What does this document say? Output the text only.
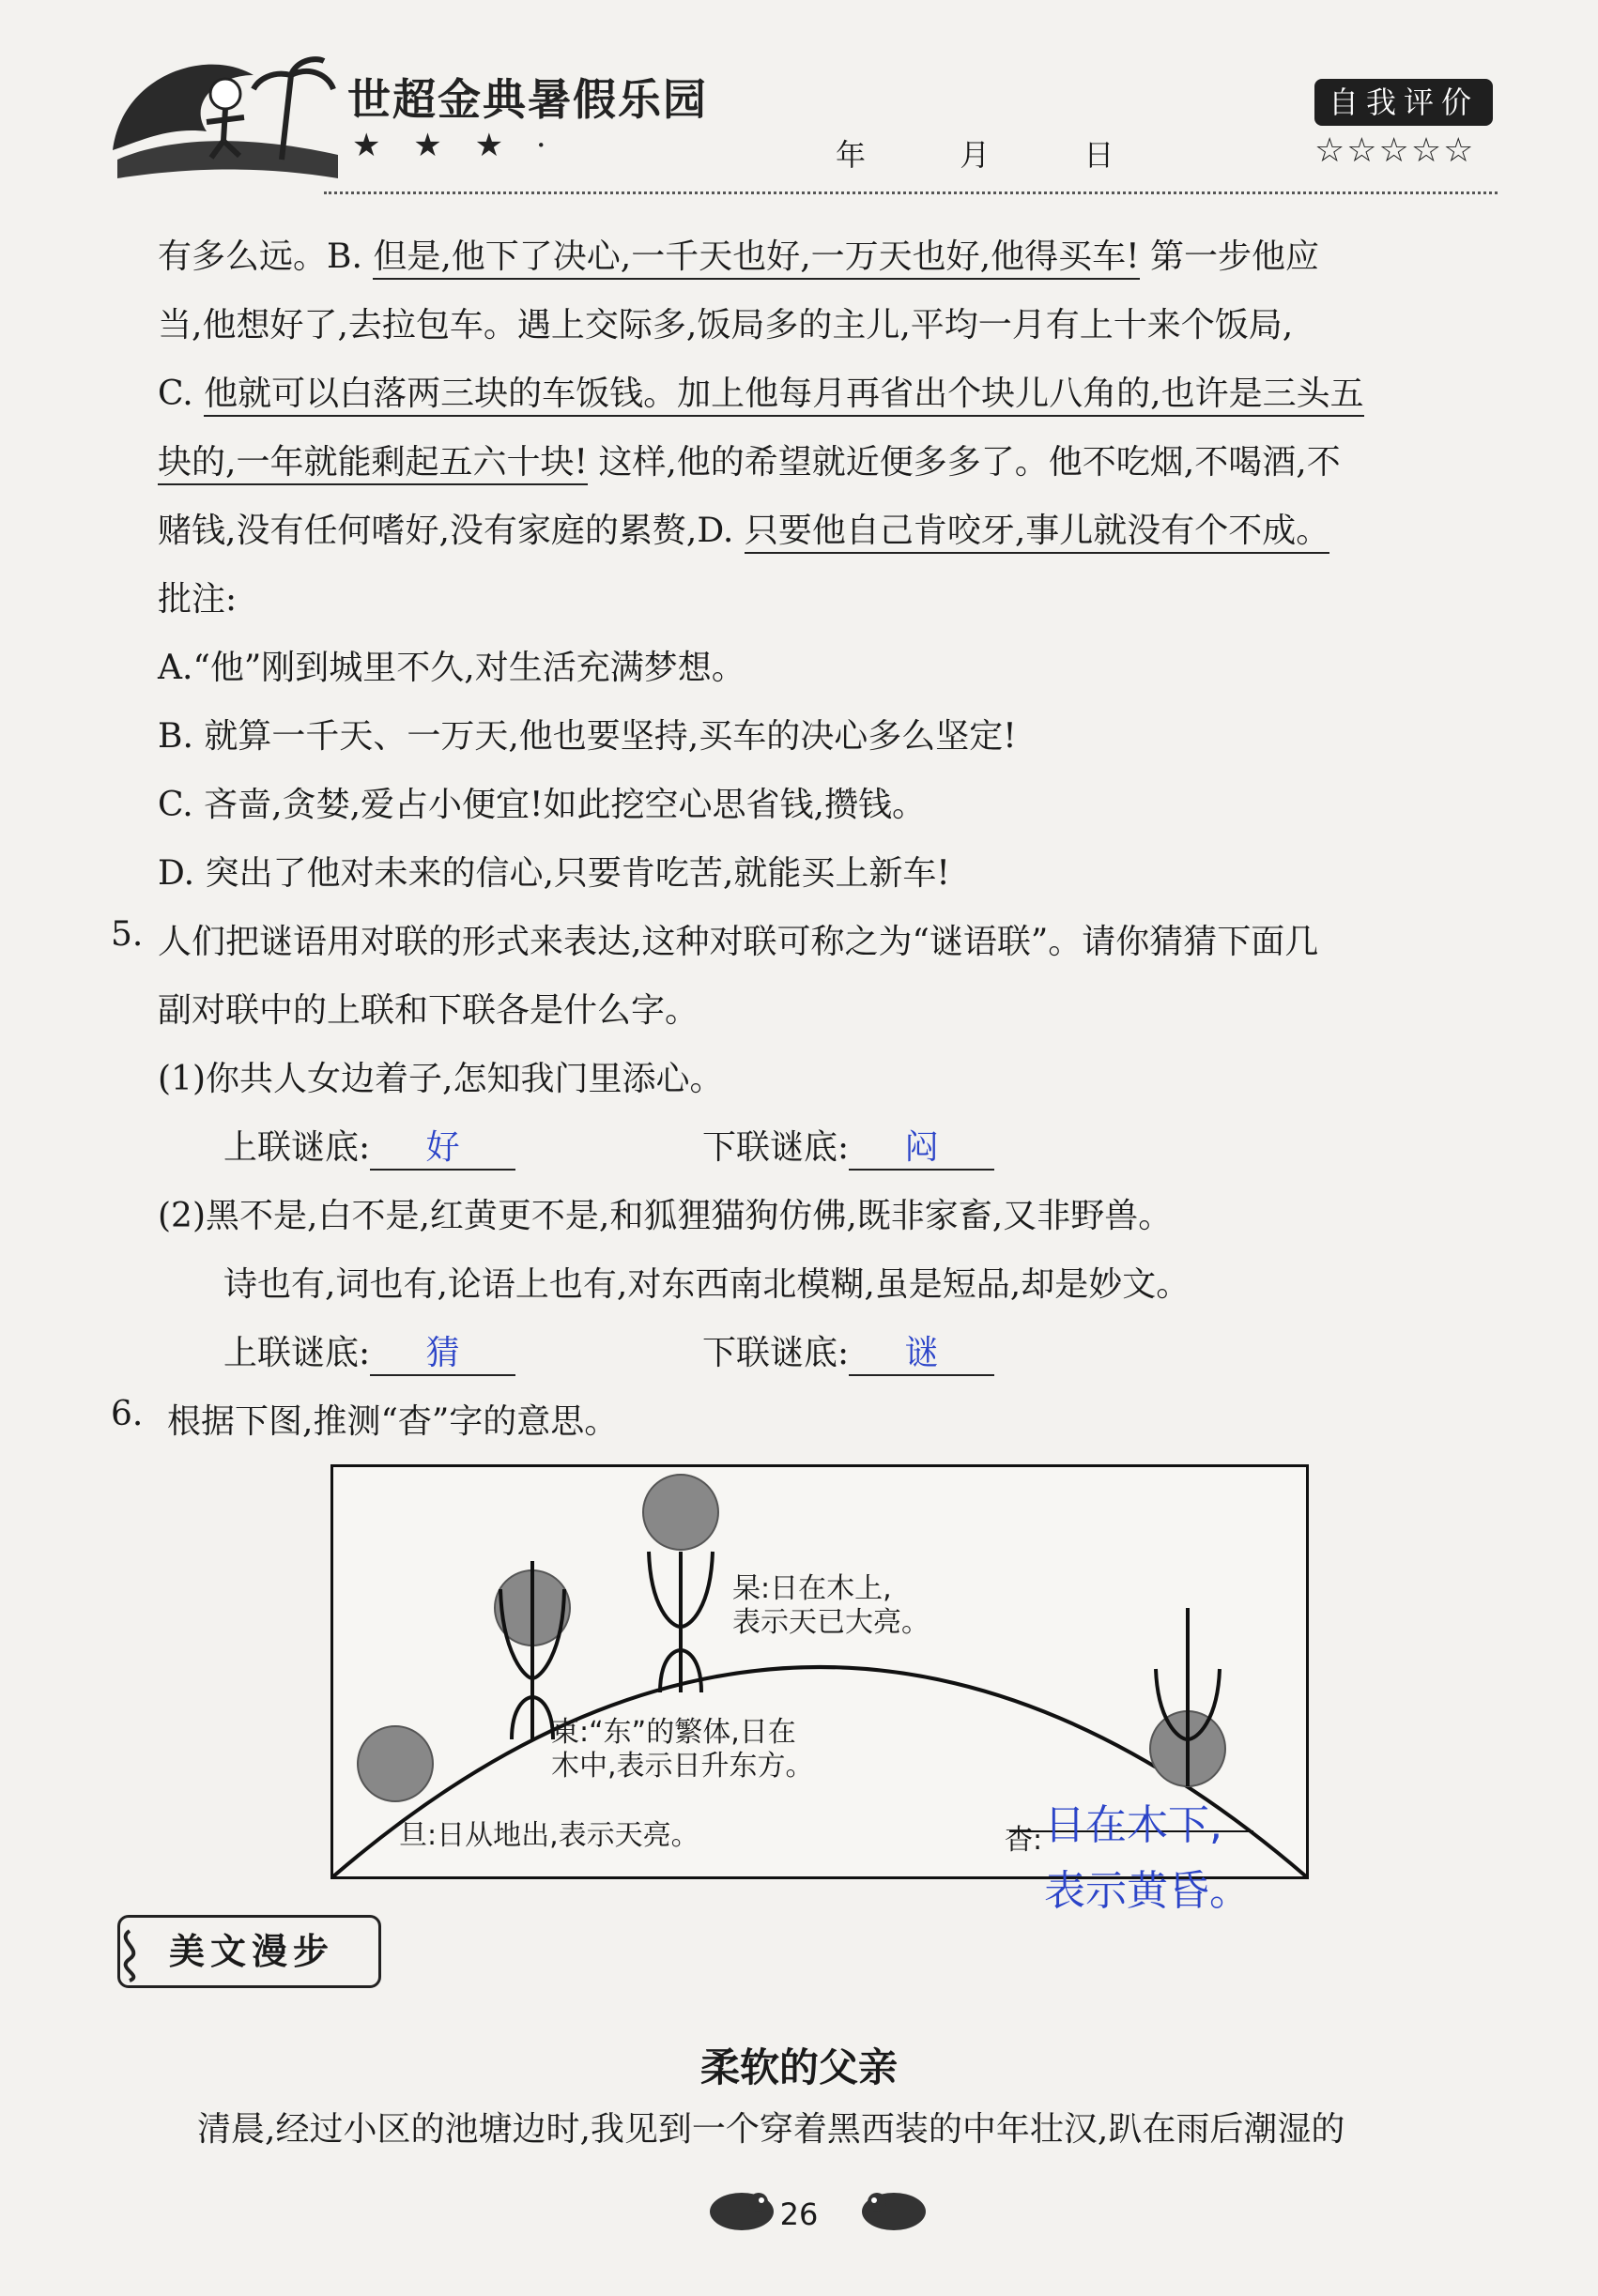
世超金典暑假乐园
★ ★ ★ ·	年	月	日
自我评价
☆☆☆☆☆
有多么远。B. 但是,他下了决心,一千天也好,一万天也好,他得买车! 第一步他应
当,他想好了,去拉包车。遇上交际多,饭局多的主儿,平均一月有上十来个饭局,
C. 他就可以白落两三块的车饭钱。加上他每月再省出个块儿八角的,也许是三头五
块的,一年就能剩起五六十块! 这样,他的希望就近便多多了。他不吃烟,不喝酒,不
赌钱,没有任何嗜好,没有家庭的累赘,D. 只要他自己肯咬牙,事儿就没有个不成。
批注:
A.“他”刚到城里不久,对生活充满梦想。
B. 就算一千天、一万天,他也要坚持,买车的决心多么坚定!
C. 吝啬,贪婪,爱占小便宜!如此挖空心思省钱,攒钱。
D. 突出了他对未来的信心,只要肯吃苦,就能买上新车!
5. 人们把谜语用对联的形式来表达,这种对联可称之为“谜语联”。请你猜猜下面几
副对联中的上联和下联各是什么字。
(1)你共人女边着子,怎知我门里添心。
上联谜底: 好	下联谜底: 闷
(2)黑不是,白不是,红黄更不是,和狐狸猫狗仿佛,既非家畜,又非野兽。
诗也有,词也有,论语上也有,对东西南北模糊,虽是短品,却是妙文。
上联谜底: 猜	下联谜底: 谜
6. 根据下图,推测“杳”字的意思。
杲:日在木上,
表示天已大亮。
東:“东”的繁体,日在
木中,表示日升东方。
旦:日从地出,表示天亮。	杳: 日在木下,
表示黄昏。
美文漫步
柔软的父亲
清晨,经过小区的池塘边时,我见到一个穿着黑西装的中年壮汉,趴在雨后潮湿的
26
